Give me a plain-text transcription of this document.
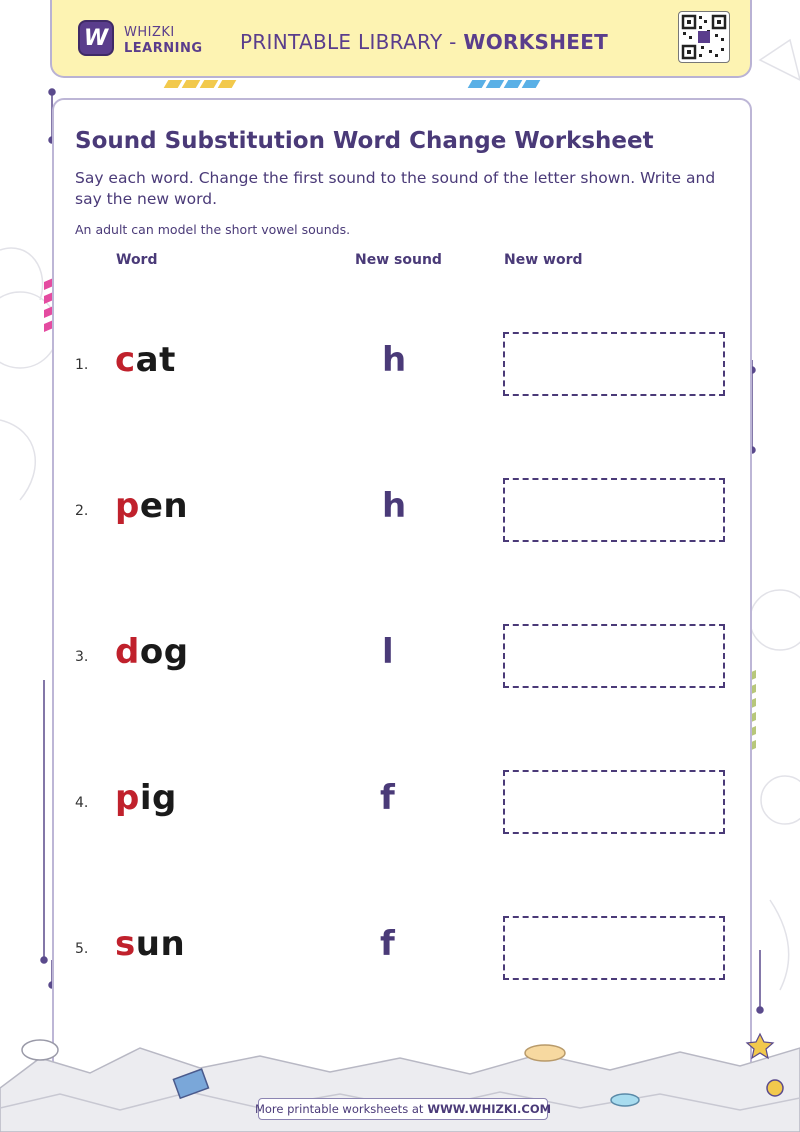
W WHIZKI
LEARNING PRINTABLE LIBRARY - WORKSHEET
Sound Substitution Word Change Worksheet

Say each word. Change the first sound to the sound of the letter shown. Write and say the new word.

An adult can model the short vowel sounds.

Word	New sound	New word
1. cat	h
2. pen	h
3. dog	l
4. pig	f
5. sun	f
More printable worksheets at WWW.WHIZKI.COM
